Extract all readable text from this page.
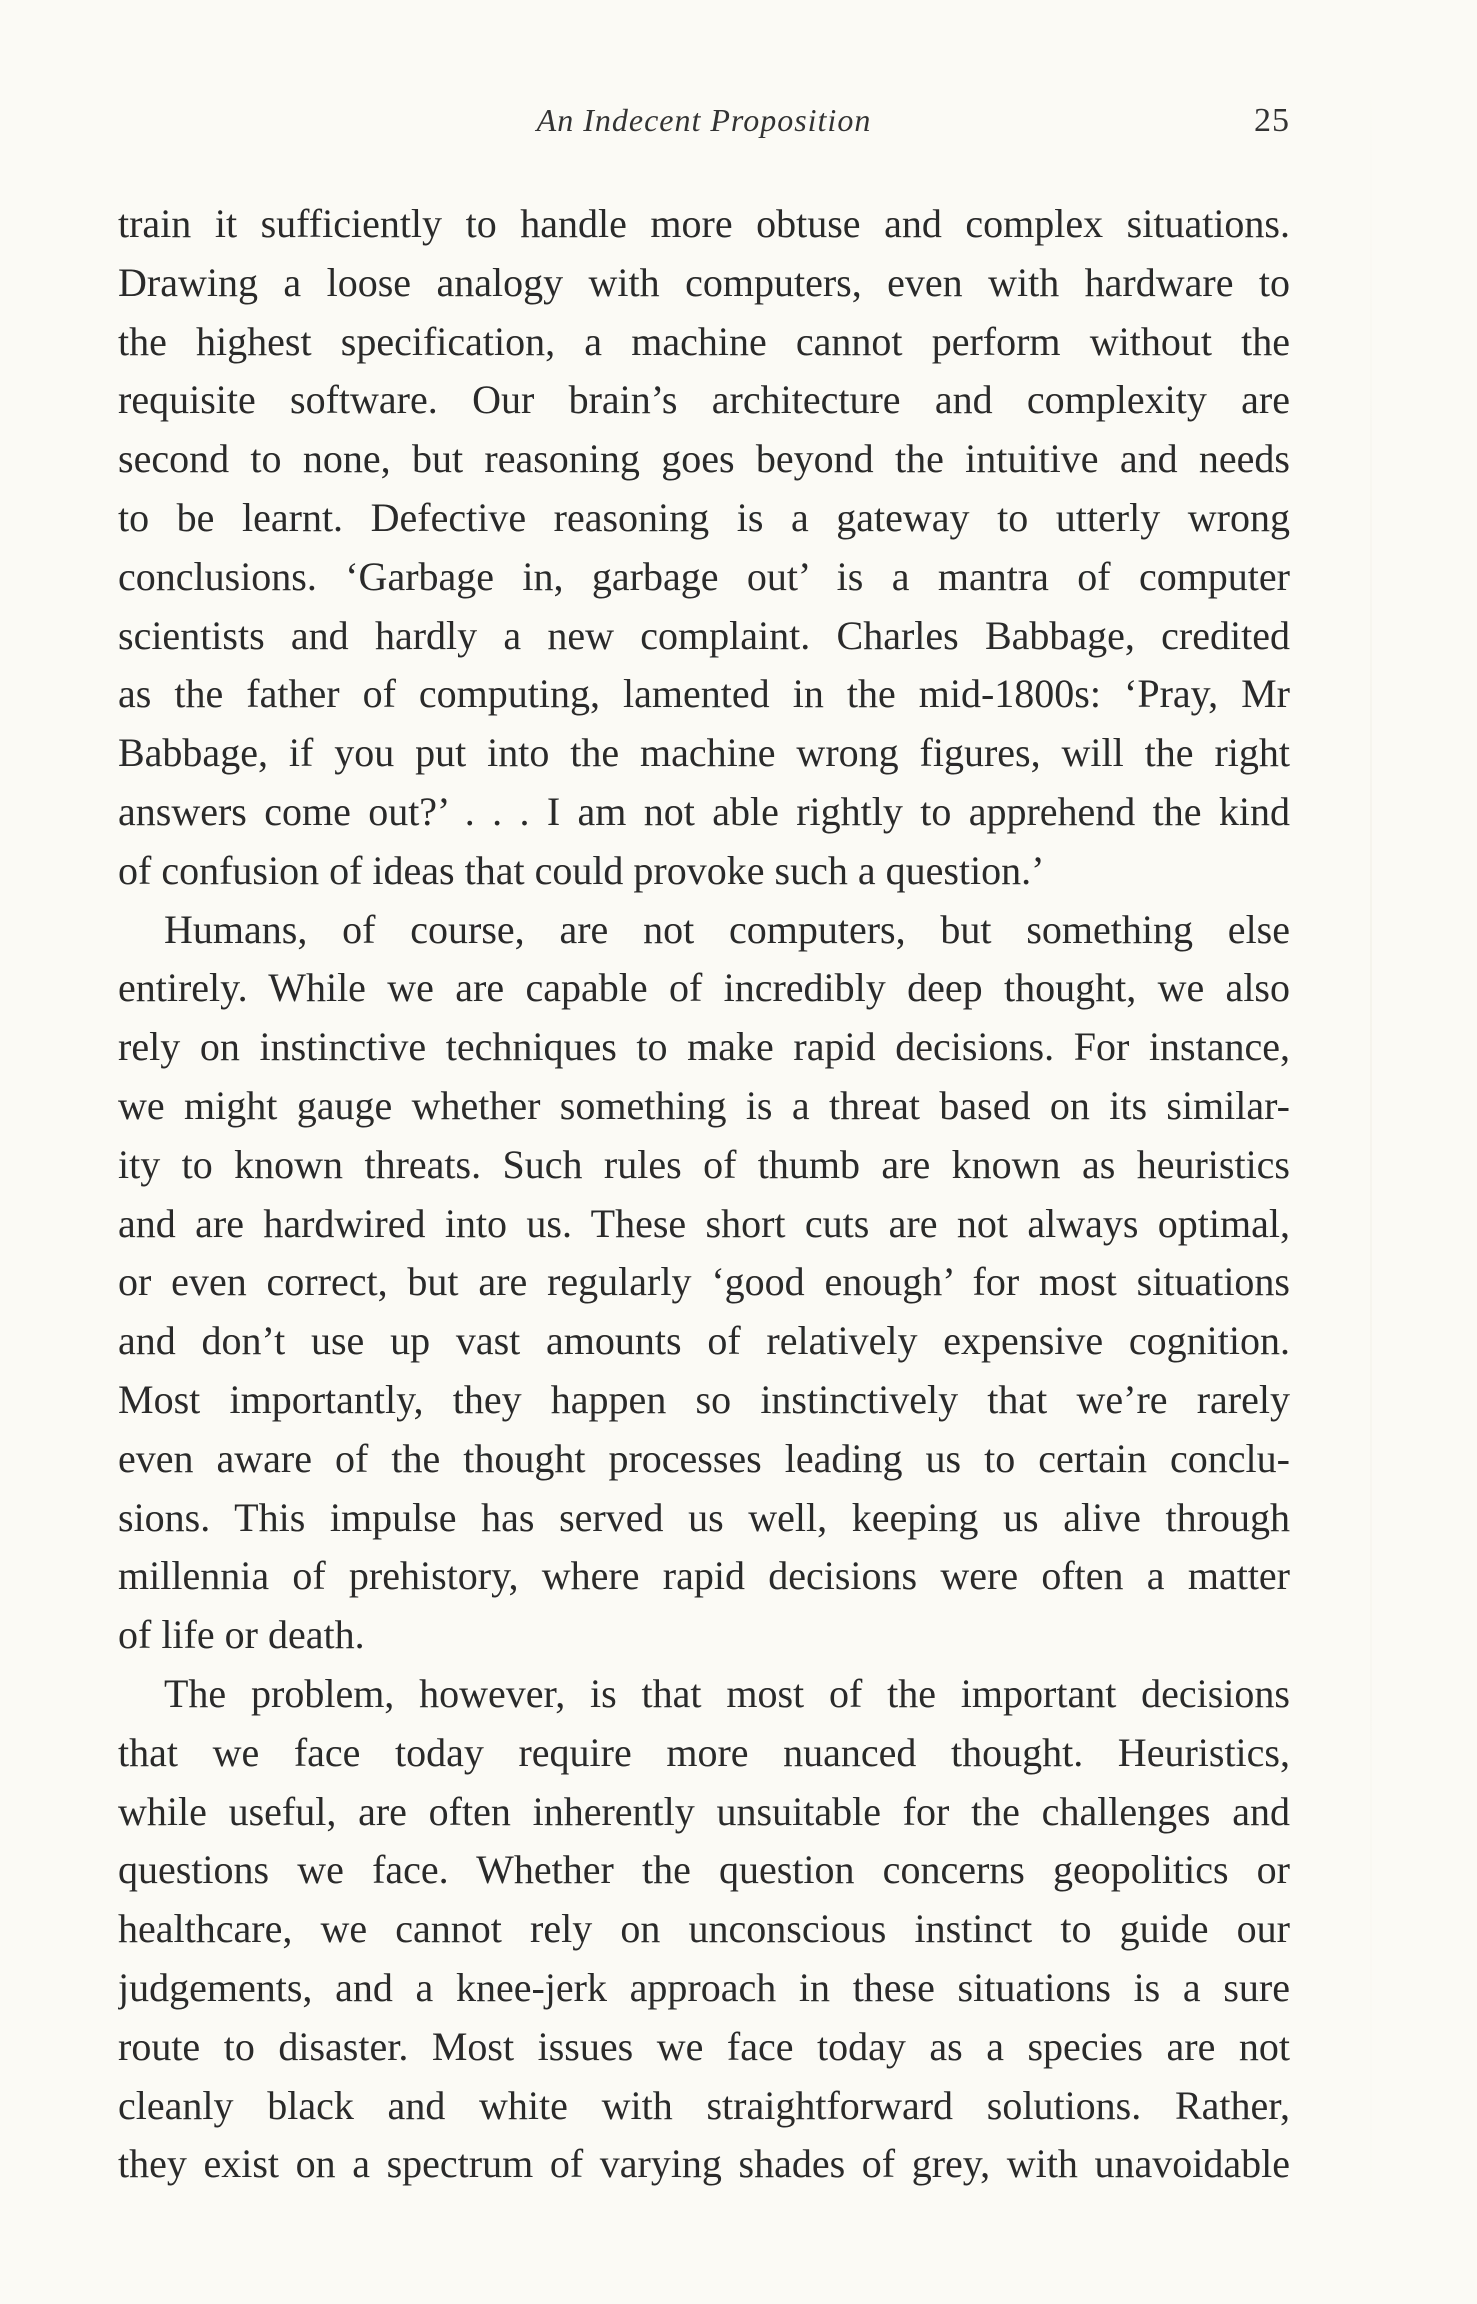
An Indecent Proposition	25
train it sufficiently to handle more obtuse and complex situations.
Drawing a loose analogy with computers, even with hardware to
the highest specification, a machine cannot perform without the
requisite software. Our brain’s architecture and complexity are
second to none, but reasoning goes beyond the intuitive and needs
to be learnt. Defective reasoning is a gateway to utterly wrong
conclusions. ‘Garbage in, garbage out’ is a mantra of computer
scientists and hardly a new complaint. Charles Babbage, credited
as the father of computing, lamented in the mid-1800s: ‘Pray, Mr
Babbage, if you put into the machine wrong figures, will the right
answers come out?’ . . . I am not able rightly to apprehend the kind
of confusion of ideas that could provoke such a question.’
Humans, of course, are not computers, but something else
entirely. While we are capable of incredibly deep thought, we also
rely on instinctive techniques to make rapid decisions. For instance,
we might gauge whether something is a threat based on its similar-
ity to known threats. Such rules of thumb are known as heuristics
and are hardwired into us. These short cuts are not always optimal,
or even correct, but are regularly ‘good enough’ for most situations
and don’t use up vast amounts of relatively expensive cognition.
Most importantly, they happen so instinctively that we’re rarely
even aware of the thought processes leading us to certain conclu-
sions. This impulse has served us well, keeping us alive through
millennia of prehistory, where rapid decisions were often a matter
of life or death.
The problem, however, is that most of the important decisions
that we face today require more nuanced thought. Heuristics,
while useful, are often inherently unsuitable for the challenges and
questions we face. Whether the question concerns geopolitics or
healthcare, we cannot rely on unconscious instinct to guide our
judgements, and a knee-jerk approach in these situations is a sure
route to disaster. Most issues we face today as a species are not
cleanly black and white with straightforward solutions. Rather,
they exist on a spectrum of varying shades of grey, with unavoidable
